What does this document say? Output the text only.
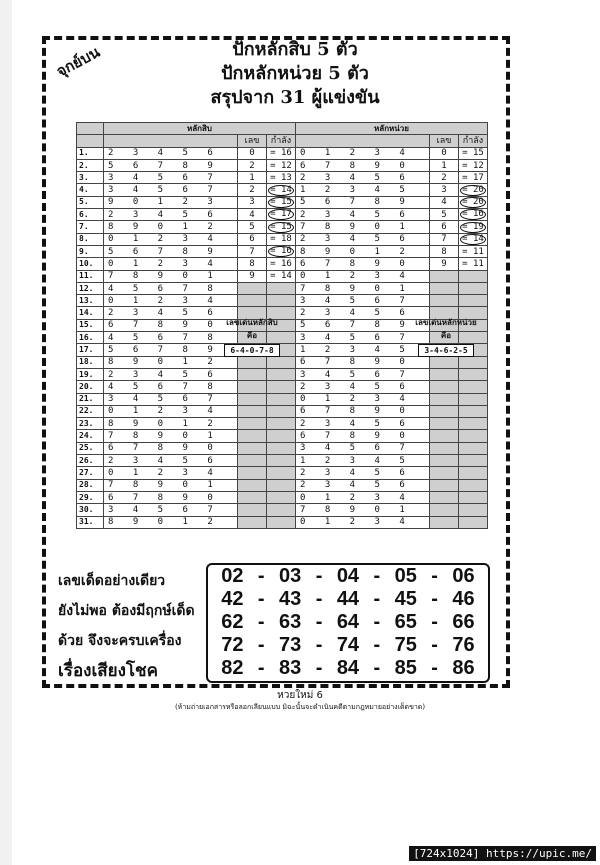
จุกย์บน	ปักหลักสิบ 5 ตัว
ปักหลักหน่วย 5 ตัว
สรุปจาก 31 ผู้แข่งขัน
	หลักสิบ			หลักหน่วย		
		เลข	กำลัง		เลข	กำลัง
1.	2 3 4 5 6	0	= 16	0 1 2 3 4	0	= 15
2.	5 6 7 8 9	2	= 12	6 7 8 9 0	1	= 12
3.	3 4 5 6 7	1	= 13	2 3 4 5 6	2	= 17
4.	3 4 5 6 7	2	= 14	1 2 3 4 5	3	= 20
5.	9 0 1 2 3	3	= 15	5 6 7 8 9	4	= 20
6.	2 3 4 5 6	4	= 17	2 3 4 5 6	5	= 16
7.	8 9 0 1 2	5	= 15	7 8 9 0 1	6	= 19
8.	0 1 2 3 4	6	= 18	2 3 4 5 6	7	= 14
9.	5 6 7 8 9	7	= 16	8 9 0 1 2	8	= 11
10.	0 1 2 3 4	8	= 16	6 7 8 9 0	9	= 11
11.	7 8 9 0 1	9	= 14	0 1 2 3 4		
12.	4 5 6 7 8			7 8 9 0 1		
13.	0 1 2 3 4			3 4 5 6 7		
14.	2 3 4 5 6			2 3 4 5 6		
15.	6 7 8 9 0			5 6 7 8 9		
16.	4 5 6 7 8			3 4 5 6 7		
17.	5 6 7 8 9			1 2 3 4 5		
18.	8 9 0 1 2			6 7 8 9 0		
19.	2 3 4 5 6			3 4 5 6 7		
20.	4 5 6 7 8			2 3 4 5 6		
21.	3 4 5 6 7			0 1 2 3 4		
22.	0 1 2 3 4			6 7 8 9 0		
23.	8 9 0 1 2			2 3 4 5 6		
24.	7 8 9 0 1			6 7 8 9 0		
25.	6 7 8 9 0			3 4 5 6 7		
26.	2 3 4 5 6			1 2 3 4 5		
27.	0 1 2 3 4			2 3 4 5 6		
28.	7 8 9 0 1			2 3 4 5 6		
29.	6 7 8 9 0			0 1 2 3 4		
30.	3 4 5 6 7			7 8 9 0 1		
31.	8 9 0 1 2			0 1 2 3 4		
เลขเด่นหลักสิบ
คือ
6-4-0-7-8
เลขเด่นหลักหน่วย
คือ
3-4-6-2-5
เลขเด็ดอย่างเดียว
ยังไม่พอ ต้องมีฤกษ์เด็ด
ด้วย จึงจะครบเครื่อง
เรื่องเสียงโชค
02 - 03 - 04 - 05 - 06
42 - 43 - 44 - 45 - 46
62 - 63 - 64 - 65 - 66
72 - 73 - 74 - 75 - 76
82 - 83 - 84 - 85 - 86
หวยใหม่ 6
(ห้ามถ่ายเอกสารหรือลอกเลียนแบบ มิฉะนั้นจะดำเนินคดีตามกฎหมายอย่างเด็ดขาด)
[724x1024] https://upic.me/
